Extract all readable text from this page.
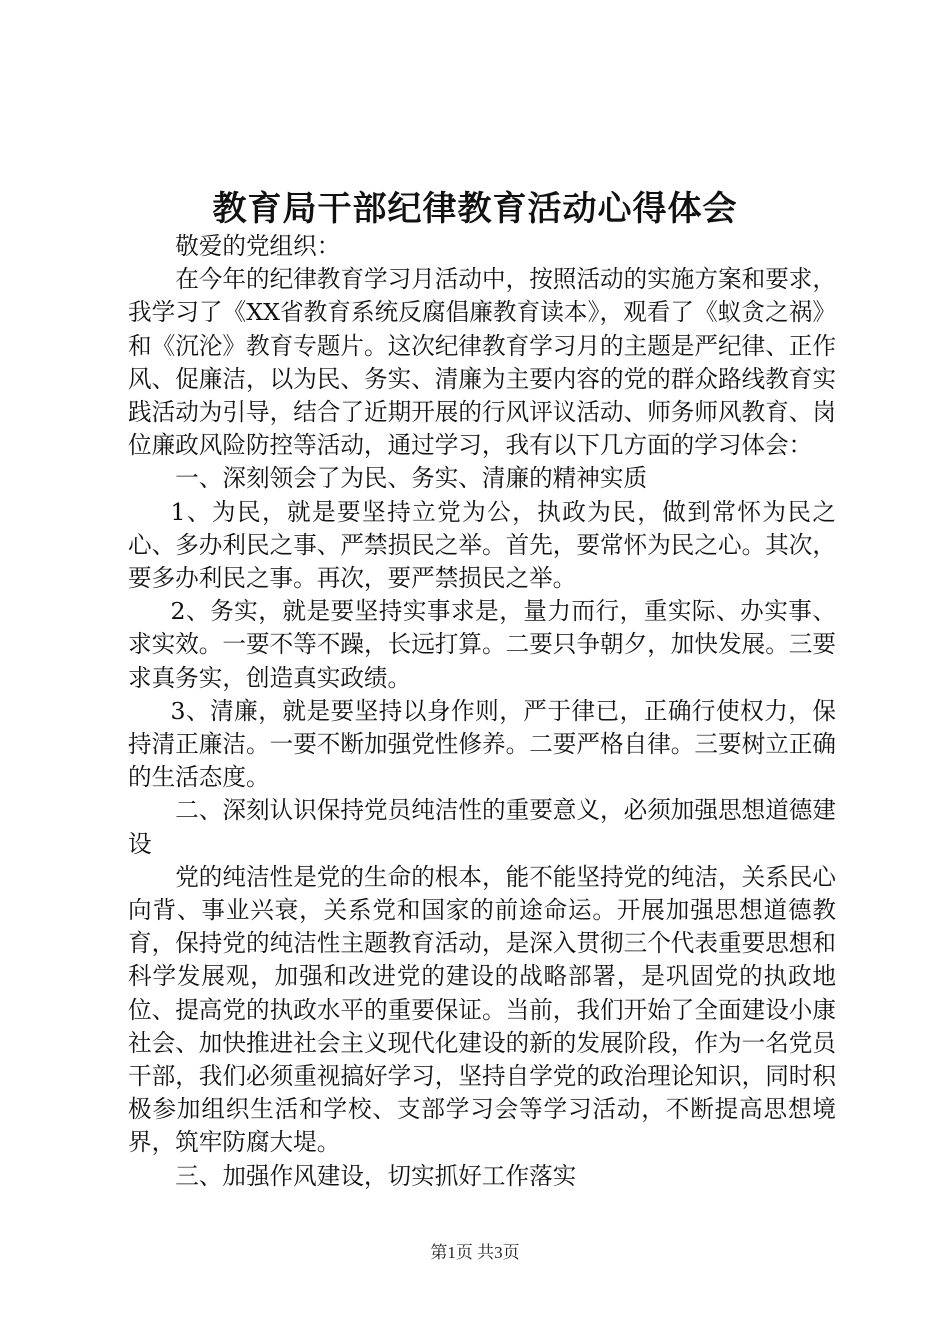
教育局干部纪律教育活动心得体会

敬爱的党组织：

在今年的纪律教育学习月活动中，按照活动的实施方案和要求，我学习了《XX省教育系统反腐倡廉教育读本》，观看了《蚁贪之祸》和《沉沦》教育专题片。这次纪律教育学习月的主题是严纪律、正作风、促廉洁，以为民、务实、清廉为主要内容的党的群众路线教育实践活动为引导，结合了近期开展的行风评议活动、师务师风教育、岗位廉政风险防控等活动，通过学习，我有以下几方面的学习体会：

一、深刻领会了为民、务实、清廉的精神实质

1、为民，就是要坚持立党为公，执政为民，做到常怀为民之心、多办利民之事、严禁损民之举。首先，要常怀为民之心。其次，要多办利民之事。再次，要严禁损民之举。

2、务实，就是要坚持实事求是，量力而行，重实际、办实事、求实效。一要不等不躁，长远打算。二要只争朝夕，加快发展。三要求真务实，创造真实政绩。

3、清廉，就是要坚持以身作则，严于律已，正确行使权力，保持清正廉洁。一要不断加强党性修养。二要严格自律。三要树立正确的生活态度。

二、深刻认识保持党员纯洁性的重要意义，必须加强思想道德建设

党的纯洁性是党的生命的根本，能不能坚持党的纯洁，关系民心向背、事业兴衰，关系党和国家的前途命运。开展加强思想道德教育，保持党的纯洁性主题教育活动，是深入贯彻三个代表重要思想和科学发展观，加强和改进党的建设的战略部署，是巩固党的执政地位、提高党的执政水平的重要保证。当前，我们开始了全面建设小康社会、加快推进社会主义现代化建设的新的发展阶段，作为一名党员干部，我们必须重视搞好学习，坚持自学党的政治理论知识，同时积极参加组织生活和学校、支部学习会等学习活动，不断提高思想境界，筑牢防腐大堤。

三、加强作风建设，切实抓好工作落实

第1页 共3页
